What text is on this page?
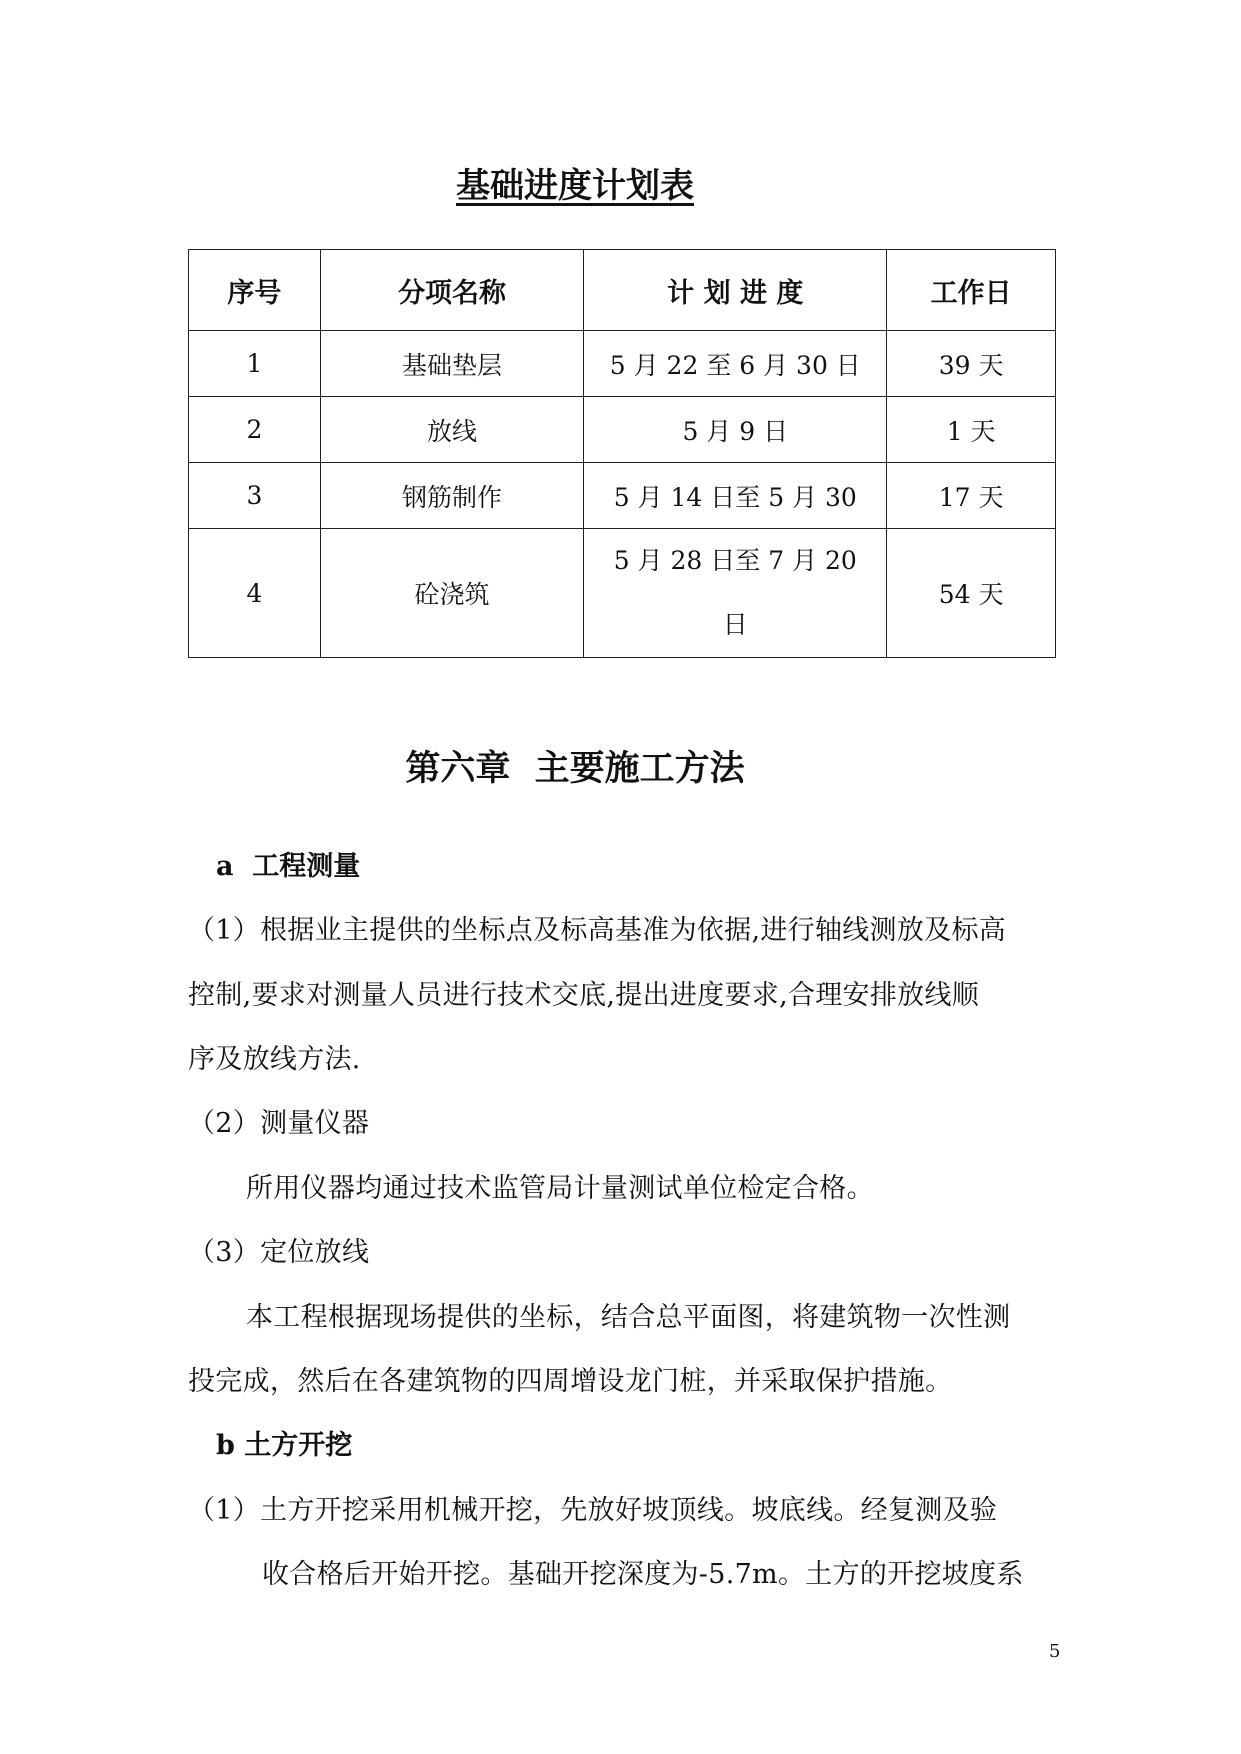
基础进度计划表
序号	分项名称	计 划 进 度	工作日
1	基础垫层	5 月 22 至 6 月 30 日	39 天
2	放线	5 月 9 日	1 天
3	钢筋制作	5 月 14 日至 5 月 30	17 天
4	砼浇筑	5 月 28 日至 7 月 20 日	54 天
第六章  主要施工方法
a  工程测量
（1）根据业主提供的坐标点及标高基准为依据,进行轴线测放及标高
控制,要求对测量人员进行技术交底,提出进度要求,合理安排放线顺
序及放线方法.
（2）测量仪器
所用仪器均通过技术监管局计量测试单位检定合格。
（3）定位放线
本工程根据现场提供的坐标，结合总平面图，将建筑物一次性测
投完成，然后在各建筑物的四周增设龙门桩，并采取保护措施。
b 土方开挖
（1）土方开挖采用机械开挖，先放好坡顶线。坡底线。经复测及验
收合格后开始开挖。基础开挖深度为-5.7m。土方的开挖坡度系
5
